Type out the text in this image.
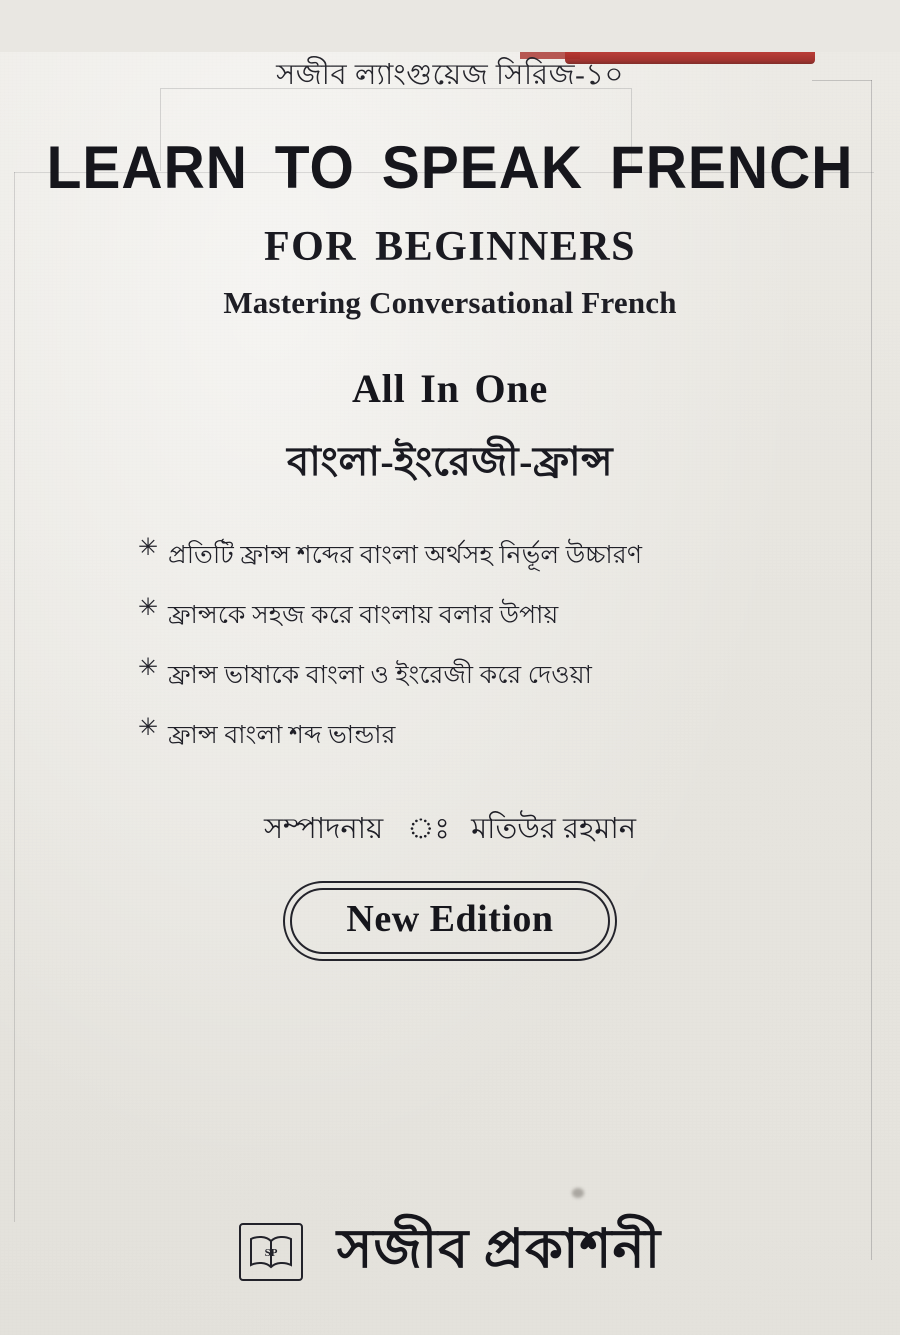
সজীব ল্যাংগুয়েজ সিরিজ-১০
LEARN TO SPEAK FRENCH
FOR BEGINNERS
Mastering Conversational French
All In One
বাংলা-ইংরেজী-ফ্রান্স
✳ প্রতিটি ফ্রান্স শব্দের বাংলা অর্থসহ নির্ভূল উচ্চারণ
✳ ফ্রান্সকে সহজ করে বাংলায় বলার উপায়
✳ ফ্রান্স ভাষাকে বাংলা ও ইংরেজী করে দেওয়া
✳ ফ্রান্স বাংলা শব্দ ভান্ডার
সম্পাদনায়	মতিউর রহমান
New Edition
SP সজীব প্রকাশনী
